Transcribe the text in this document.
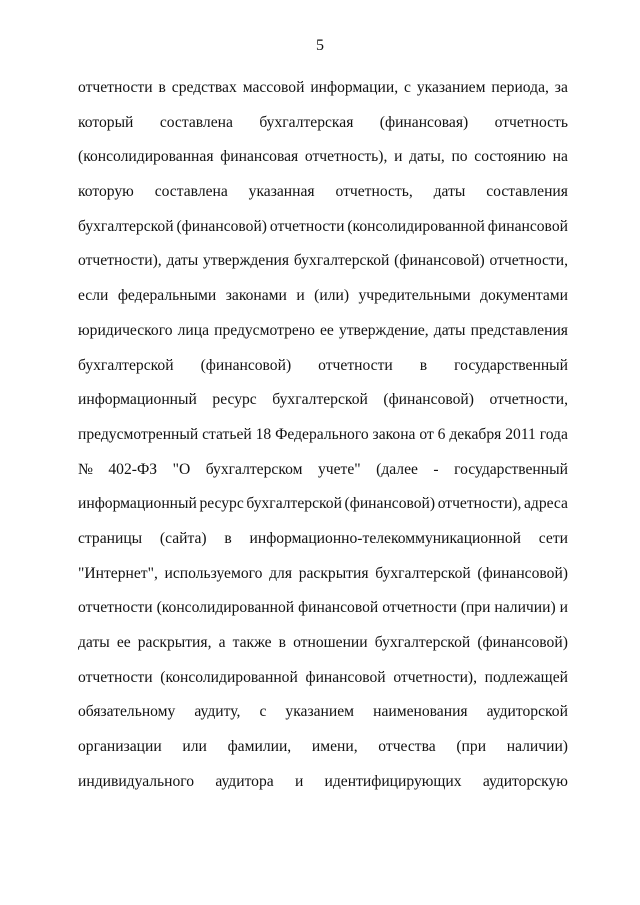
5
отчетности в средствах массовой информации, с указанием периода, за
который составлена бухгалтерская (финансовая) отчетность
(консолидированная финансовая отчетность), и даты, по состоянию на
которую составлена указанная отчетность, даты составления
бухгалтерской (финансовой) отчетности (консолидированной финансовой
отчетности), даты утверждения бухгалтерской (финансовой) отчетности,
если федеральными законами и (или) учредительными документами
юридического лица предусмотрено ее утверждение, даты представления
бухгалтерской (финансовой) отчетности в государственный
информационный ресурс бухгалтерской (финансовой) отчетности,
предусмотренный статьей 18 Федерального закона от 6 декабря 2011 года
№ 402-ФЗ "О бухгалтерском учете" (далее - государственный
информационный ресурс бухгалтерской (финансовой) отчетности), адреса
страницы (сайта) в информационно-телекоммуникационной сети
"Интернет", используемого для раскрытия бухгалтерской (финансовой)
отчетности (консолидированной финансовой отчетности (при наличии) и
даты ее раскрытия, а также в отношении бухгалтерской (финансовой)
отчетности (консолидированной финансовой отчетности), подлежащей
обязательному аудиту, с указанием наименования аудиторской
организации или фамилии, имени, отчества (при наличии)
индивидуального аудитора и идентифицирующих аудиторскую
